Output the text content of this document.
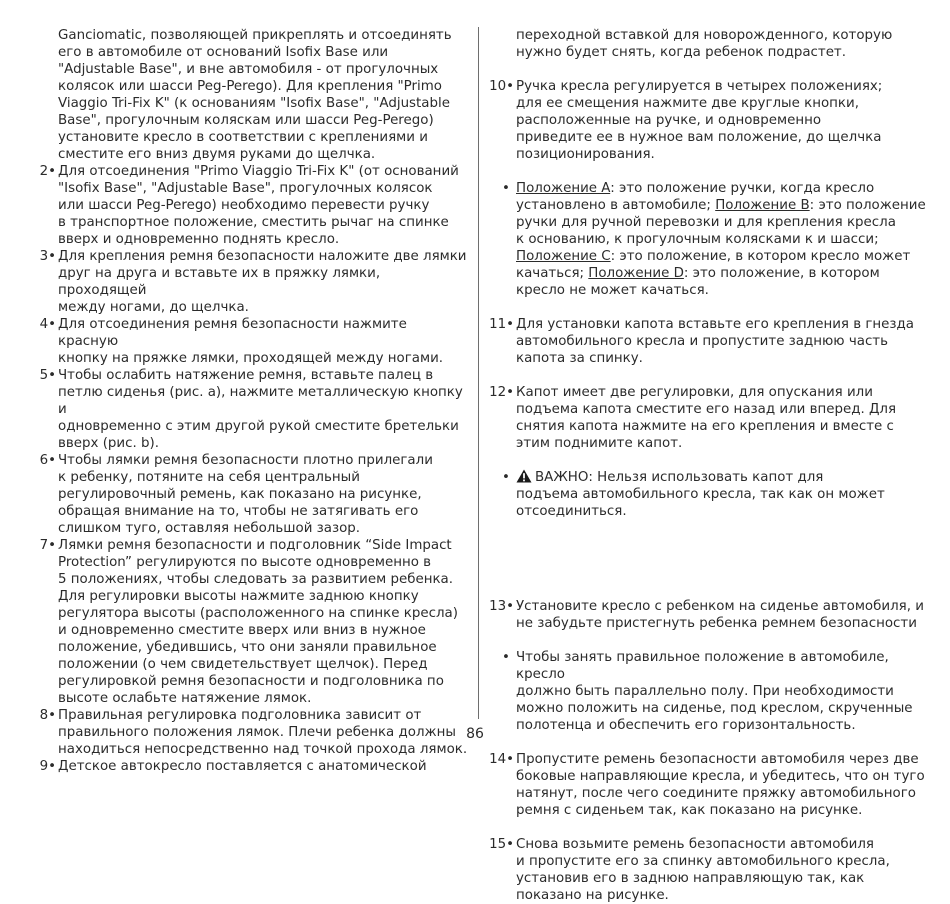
Ganciomatic, позволяющей прикреплять и отсоединять
его в автомобиле от оснований Isofix Base или
"Adjustable Base", и вне автомобиля - от прогулочных
колясок или шасси Peg-Perego). Для крепления "Primo
Viaggio Tri-Fix K" (к основаниям "Isofix Base", "Adjustable
Base", прогулочным коляскам или шасси Peg-Perego)
установите кресло в соответствии с креплениями и
сместите его вниз двумя руками до щелчка.
2• Для отсоединения "Primo Viaggio Tri-Fix K" (от оснований
"Isofix Base", "Adjustable Base", прогулочных колясок
или шасси Peg-Perego) необходимо перевести ручку
в транспортное положение, сместить рычаг на спинке
вверх и одновременно поднять кресло.
3• Для крепления ремня безопасности наложите две лямки
друг на друга и вставьте их в пряжку лямки, проходящей
между ногами, до щелчка.
4• Для отсоединения ремня безопасности нажмите красную
кнопку на пряжке лямки, проходящей между ногами.
5• Чтобы ослабить натяжение ремня, вставьте палец в
петлю сиденья (рис. a), нажмите металлическую кнопку и
одновременно с этим другой рукой сместите бретельки
вверх (рис. b).
6• Чтобы лямки ремня безопасности плотно прилегали
к ребенку, потяните на себя центральный
регулировочный ремень, как показано на рисунке,
обращая внимание на то, чтобы не затягивать его
слишком туго, оставляя небольшой зазор.
7• Лямки ремня безопасности и подголовник “Side Impact
Protection” регулируются по высоте одновременно в
5 положениях, чтобы следовать за развитием ребенка.
Для регулировки высоты нажмите заднюю кнопку
регулятора высоты (расположенного на спинке кресла)
и одновременно сместите вверх или вниз в нужное
положение, убедившись, что они заняли правильное
положении (о чем свидетельствует щелчок). Перед
регулировкой ремня безопасности и подголовника по
высоте ослабьте натяжение лямок.
8• Правильная регулировка подголовника зависит от
правильного положения лямок. Плечи ребенка должны
находиться непосредственно над точкой прохода лямок.
9• Детское автокресло поставляется с анатомической
переходной вставкой для новорожденного, которую
нужно будет снять, когда ребенок подрастет.

10• Ручка кресла регулируется в четырех положениях;
для ее смещения нажмите две круглые кнопки,
расположенные на ручке, и одновременно
приведите ее в нужное вам положение, до щелчка
позиционирования.

• Положение A: это положение ручки, когда кресло
установлено в автомобиле; Положение B: это положение
ручки для ручной перевозки и для крепления кресла
к основанию, к прогулочным колясками к и шасси;
Положение C: это положение, в котором кресло может
качаться; Положение D: это положение, в котором
кресло не может качаться.

11• Для установки капота вставьте его крепления в гнезда
автомобильного кресла и пропустите заднюю часть
капота за спинку.

12• Капот имеет две регулировки, для опускания или
подъема капота сместите его назад или вперед. Для
снятия капота нажмите на его крепления и вместе с
этим поднимите капот.

• ВАЖНО: Нельзя использовать капот для
подъема автомобильного кресла, так как он может
отсоединиться.

13• Установите кресло с ребенком на сиденье автомобиля, и
не забудьте пристегнуть ребенка ремнем безопасности

• Чтобы занять правильное положение в автомобиле, кресло
должно быть параллельно полу. При необходимости
можно положить на сиденье, под креслом, скрученные
полотенца и обеспечить его горизонтальность.

14• Пропустите ремень безопасности автомобиля через две
боковые направляющие кресла, и убедитесь, что он туго
натянут, после чего соедините пряжку автомобильного
ремня с сиденьем так, как показано на рисунке.

15• Снова возьмите ремень безопасности автомобиля
и пропустите его за спинку автомобильного кресла,
установив его в заднюю направляющую так, как
показано на рисунке.

86
